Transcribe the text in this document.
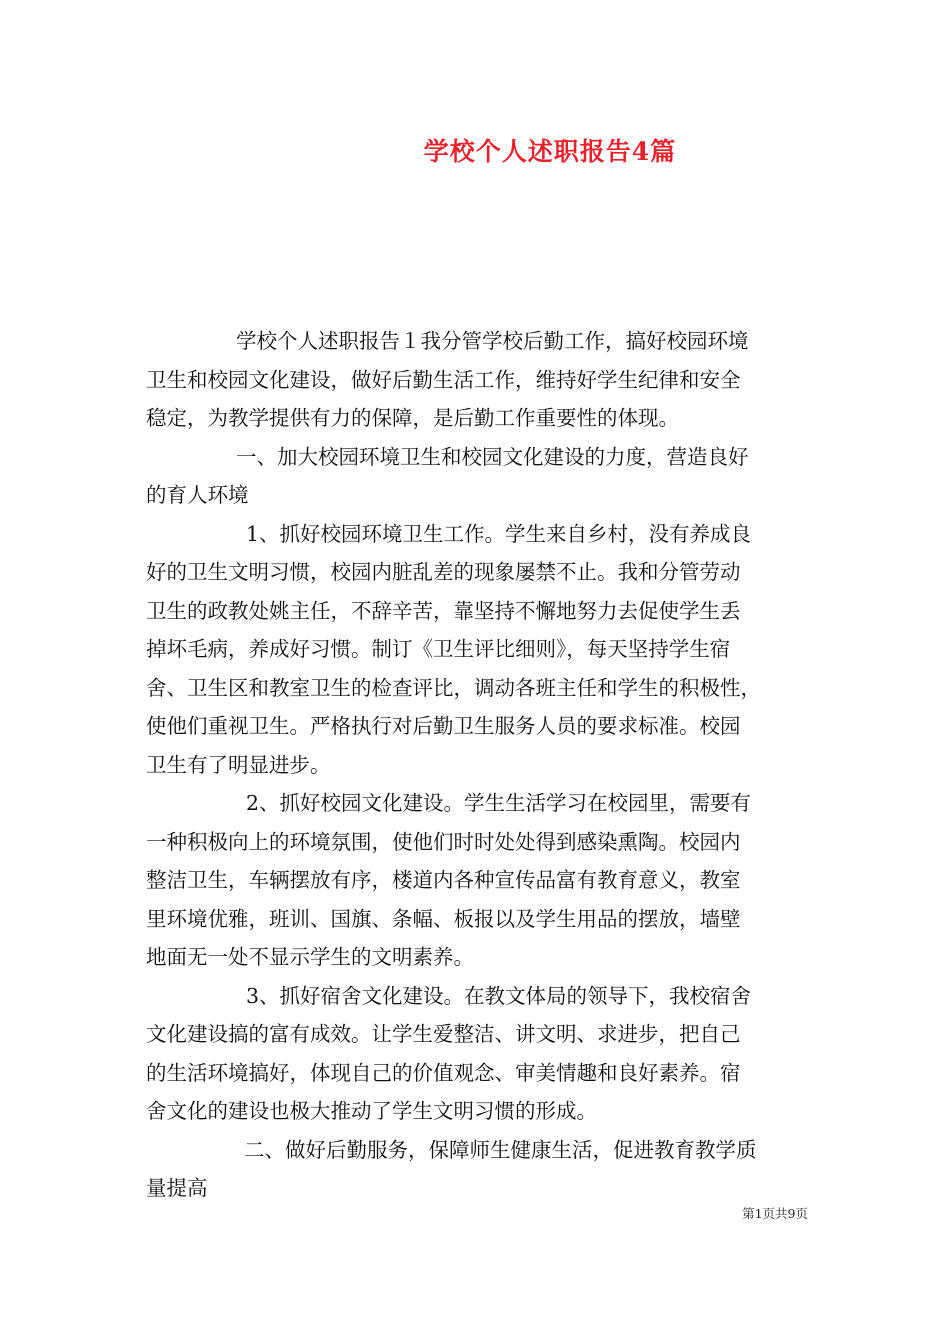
学校个人述职报告4篇
学校个人述职报告１我分管学校后勤工作，搞好校园环境
卫生和校园文化建设，做好后勤生活工作，维持好学生纪律和安全
稳定，为教学提供有力的保障，是后勤工作重要性的体现。
一、加大校园环境卫生和校园文化建设的力度，营造良好
的育人环境
1、抓好校园环境卫生工作。学生来自乡村，没有养成良
好的卫生文明习惯，校园内脏乱差的现象屡禁不止。我和分管劳动
卫生的政教处姚主任，不辞辛苦，靠坚持不懈地努力去促使学生丢
掉坏毛病，养成好习惯。制订《卫生评比细则》，每天坚持学生宿
舍、卫生区和教室卫生的检查评比，调动各班主任和学生的积极性，
使他们重视卫生。严格执行对后勤卫生服务人员的要求标准。校园
卫生有了明显进步。
2、抓好校园文化建设。学生生活学习在校园里，需要有
一种积极向上的环境氛围，使他们时时处处得到感染熏陶。校园内
整洁卫生，车辆摆放有序，楼道内各种宣传品富有教育意义，教室
里环境优雅，班训、国旗、条幅、板报以及学生用品的摆放，墙壁
地面无一处不显示学生的文明素养。
3、抓好宿舍文化建设。在教文体局的领导下，我校宿舍
文化建设搞的富有成效。让学生爱整洁、讲文明、求进步，把自己
的生活环境搞好，体现自己的价值观念、审美情趣和良好素养。宿
舍文化的建设也极大推动了学生文明习惯的形成。
二、做好后勤服务，保障师生健康生活，促进教育教学质
量提高
第1页共9页
